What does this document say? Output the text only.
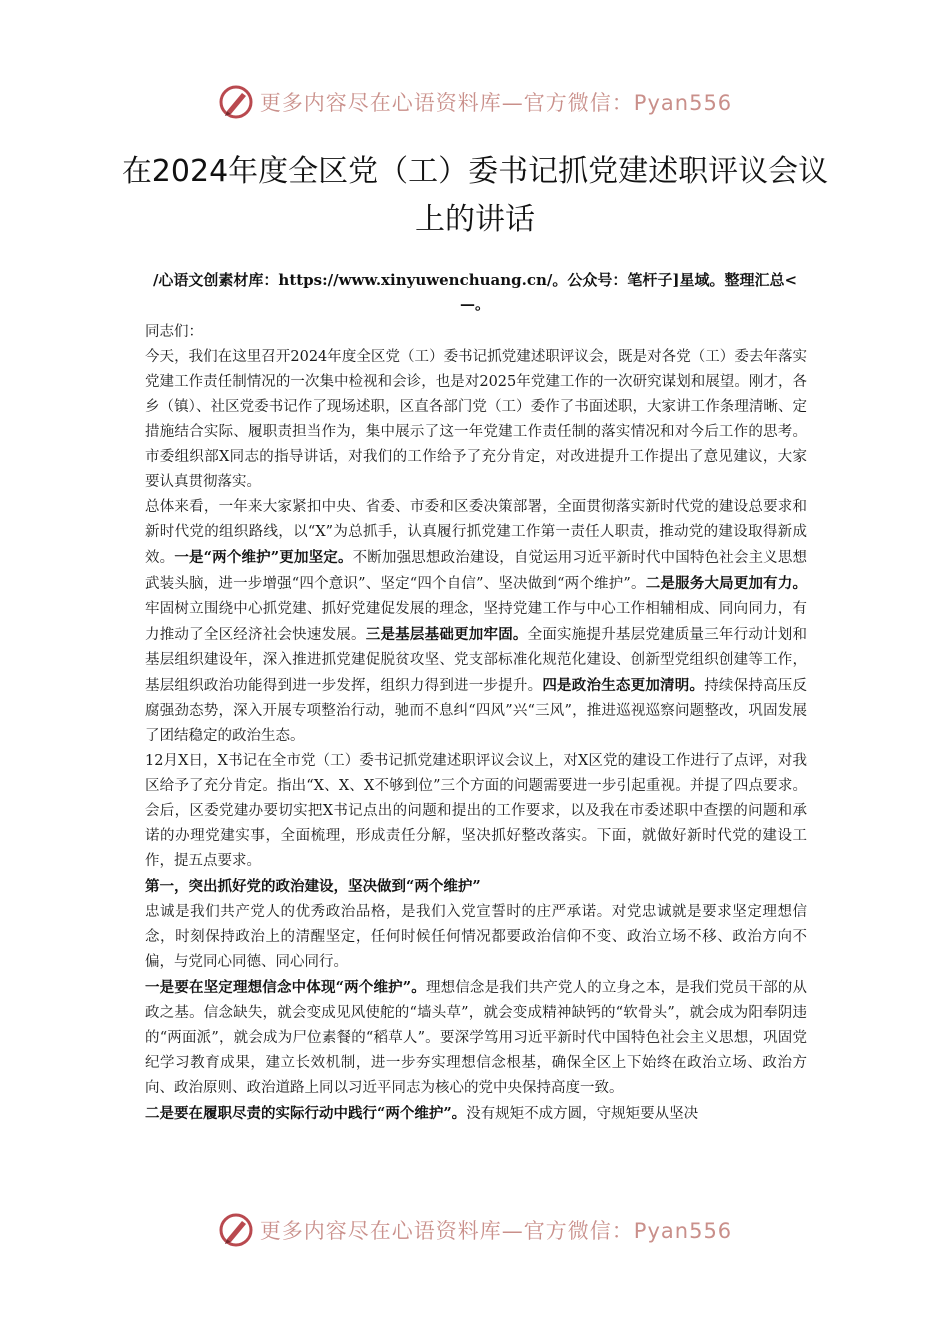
更多内容尽在心语资料库—官方微信：Pyan556
在2024年度全区党（工）委书记抓党建述职评议会议上的讲话
/心语文创素材库：https://www.xinyuwenchuang.cn/。公众号：笔杆子]星域。整理汇总<—。

同志们：

今天，我们在这里召开2024年度全区党（工）委书记抓党建述职评议会，既是对各党（工）委去年落实党建工作责任制情况的一次集中检视和会诊，也是对2025年党建工作的一次研究谋划和展望。刚才，各乡（镇）、社区党委书记作了现场述职，区直各部门党（工）委作了书面述职，大家讲工作条理清晰、定措施结合实际、履职责担当作为，集中展示了这一年党建工作责任制的落实情况和对今后工作的思考。市委组织部X同志的指导讲话，对我们的工作给予了充分肯定，对改进提升工作提出了意见建议，大家要认真贯彻落实。

总体来看，一年来大家紧扣中央、省委、市委和区委决策部署，全面贯彻落实新时代党的建设总要求和新时代党的组织路线，以“X”为总抓手，认真履行抓党建工作第一责任人职责，推动党的建设取得新成效。一是“两个维护”更加坚定。不断加强思想政治建设，自觉运用习近平新时代中国特色社会主义思想武装头脑，进一步增强“四个意识”、坚定“四个自信”、坚决做到“两个维护”。二是服务大局更加有力。牢固树立围绕中心抓党建、抓好党建促发展的理念，坚持党建工作与中心工作相辅相成、同向同力，有力推动了全区经济社会快速发展。三是基层基础更加牢固。全面实施提升基层党建质量三年行动计划和基层组织建设年，深入推进抓党建促脱贫攻坚、党支部标准化规范化建设、创新型党组织创建等工作，基层组织政治功能得到进一步发挥，组织力得到进一步提升。四是政治生态更加清明。持续保持高压反腐强劲态势，深入开展专项整治行动，驰而不息纠“四风”兴“三风”，推进巡视巡察问题整改，巩固发展了团结稳定的政治生态。

12月X日，X书记在全市党（工）委书记抓党建述职评议会议上，对X区党的建设工作进行了点评，对我区给予了充分肯定。指出“X、X、X不够到位”三个方面的问题需要进一步引起重视。并提了四点要求。会后，区委党建办要切实把X书记点出的问题和提出的工作要求，以及我在市委述职中查摆的问题和承诺的办理党建实事，全面梳理，形成责任分解，坚决抓好整改落实。下面，就做好新时代党的建设工作，提五点要求。

第一，突出抓好党的政治建设，坚决做到“两个维护”

忠诚是我们共产党人的优秀政治品格，是我们入党宣誓时的庄严承诺。对党忠诚就是要求坚定理想信念，时刻保持政治上的清醒坚定，任何时候任何情况都要政治信仰不变、政治立场不移、政治方向不偏，与党同心同德、同心同行。

一是要在坚定理想信念中体现“两个维护”。理想信念是我们共产党人的立身之本，是我们党员干部的从政之基。信念缺失，就会变成见风使舵的“墙头草”，就会变成精神缺钙的“软骨头”，就会成为阳奉阴违的“两面派”，就会成为尸位素餐的“稻草人”。要深学笃用习近平新时代中国特色社会主义思想，巩固党纪学习教育成果，建立长效机制，进一步夯实理想信念根基，确保全区上下始终在政治立场、政治方向、政治原则、政治道路上同以习近平同志为核心的党中央保持高度一致。

二是要在履职尽责的实际行动中践行“两个维护”。没有规矩不成方圆，守规矩要从坚决

更多内容尽在心语资料库—官方微信：Pyan556
